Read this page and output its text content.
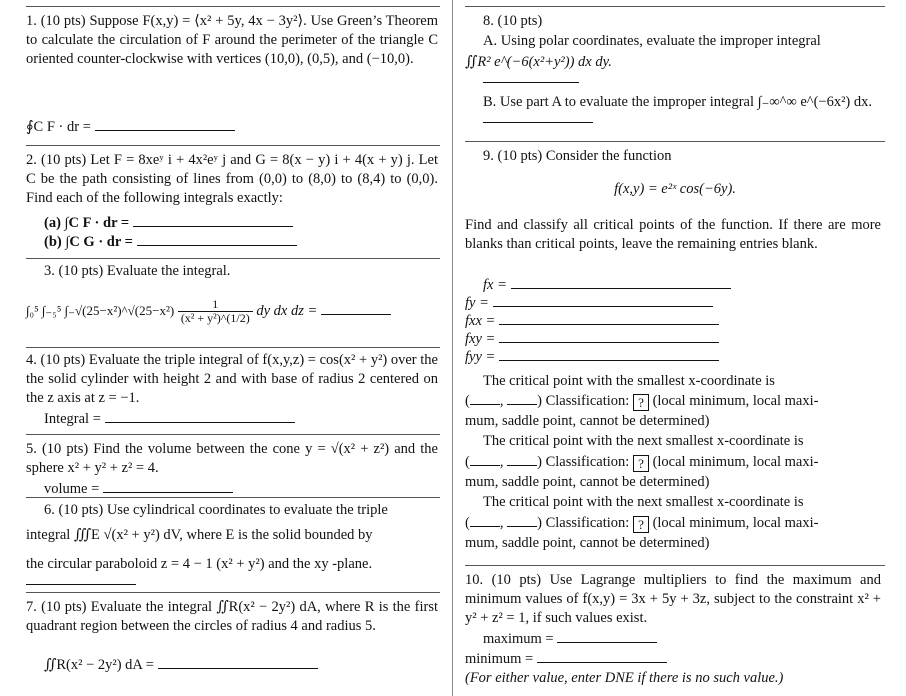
1. (10 pts) Suppose F(x,y) = ⟨x² + 5y, 4x − 3y²⟩. Use Green’s Theorem to calculate the circulation of F around the perimeter of the triangle C oriented counter-clockwise with vertices (10,0), (0,5), and (−10,0).

∮C F · dr =

2. (10 pts) Let F = 8xeʸ i + 4x²eʸ j and G = 8(x − y) i + 4(x + y) j. Let C be the path consisting of lines from (0,0) to (8,0) to (8,4) to (0,0). Find each of the following integrals exactly:

(a) ∫C F · dr =
(b) ∫C G · dr =

3. (10 pts) Evaluate the integral.

∫₀⁵ ∫₋₅⁵ ∫₋√(25−x²)^√(25−x²) $\frac{1}{\text{(x² + y²)\textasciicircum{}(1/2)}}$ dy dx dz =

4. (10 pts) Evaluate the triple integral of f(x,y,z) = cos(x² + y²) over the the solid cylinder with height 2 and with base of radius 2 centered on the z axis at z = −1.

Integral =

5. (10 pts) Find the volume between the cone y = √(x² + z²) and the sphere x² + y² + z² = 4.

volume =

6. (10 pts) Use cylindrical coordinates to evaluate the triple

integral ∭E √(x² + y²) dV, where E is the solid bounded by

the circular paraboloid z = 4 − 1 (x² + y²) and the xy -plane.

7. (10 pts) Evaluate the integral ∬R(x² − 2y²) dA, where R is the first quadrant region between the circles of radius 4 and radius 5.

∬R(x² − 2y²) dA =

8. (10 pts)

A. Using polar coordinates, evaluate the improper integral

∬R² e^(−6(x²+y²)) dx dy.

B. Use part A to evaluate the improper integral ∫₋∞^∞ e^(−6x²) dx.

9. (10 pts) Consider the function

f(x,y) = e²ˣ cos(−6y).

Find and classify all critical points of the function. If there are more blanks than critical points, leave the remaining entries blank.

fx =
fy =
fxx =
fxy =
fyy =

The critical point with the smallest x-coordinate is

( , ) Classification: ? (local minimum, local maxi-

mum, saddle point, cannot be determined)

The critical point with the next smallest x-coordinate is

( , ) Classification: ? (local minimum, local maxi-

mum, saddle point, cannot be determined)

The critical point with the next smallest x-coordinate is

( , ) Classification: ? (local minimum, local maxi-

mum, saddle point, cannot be determined)

10. (10 pts) Use Lagrange multipliers to find the maximum and minimum values of f(x,y) = 3x + 5y + 3z, subject to the constraint x² + y² + z² = 1, if such values exist.

maximum =
minimum =

(For either value, enter DNE if there is no such value.)
